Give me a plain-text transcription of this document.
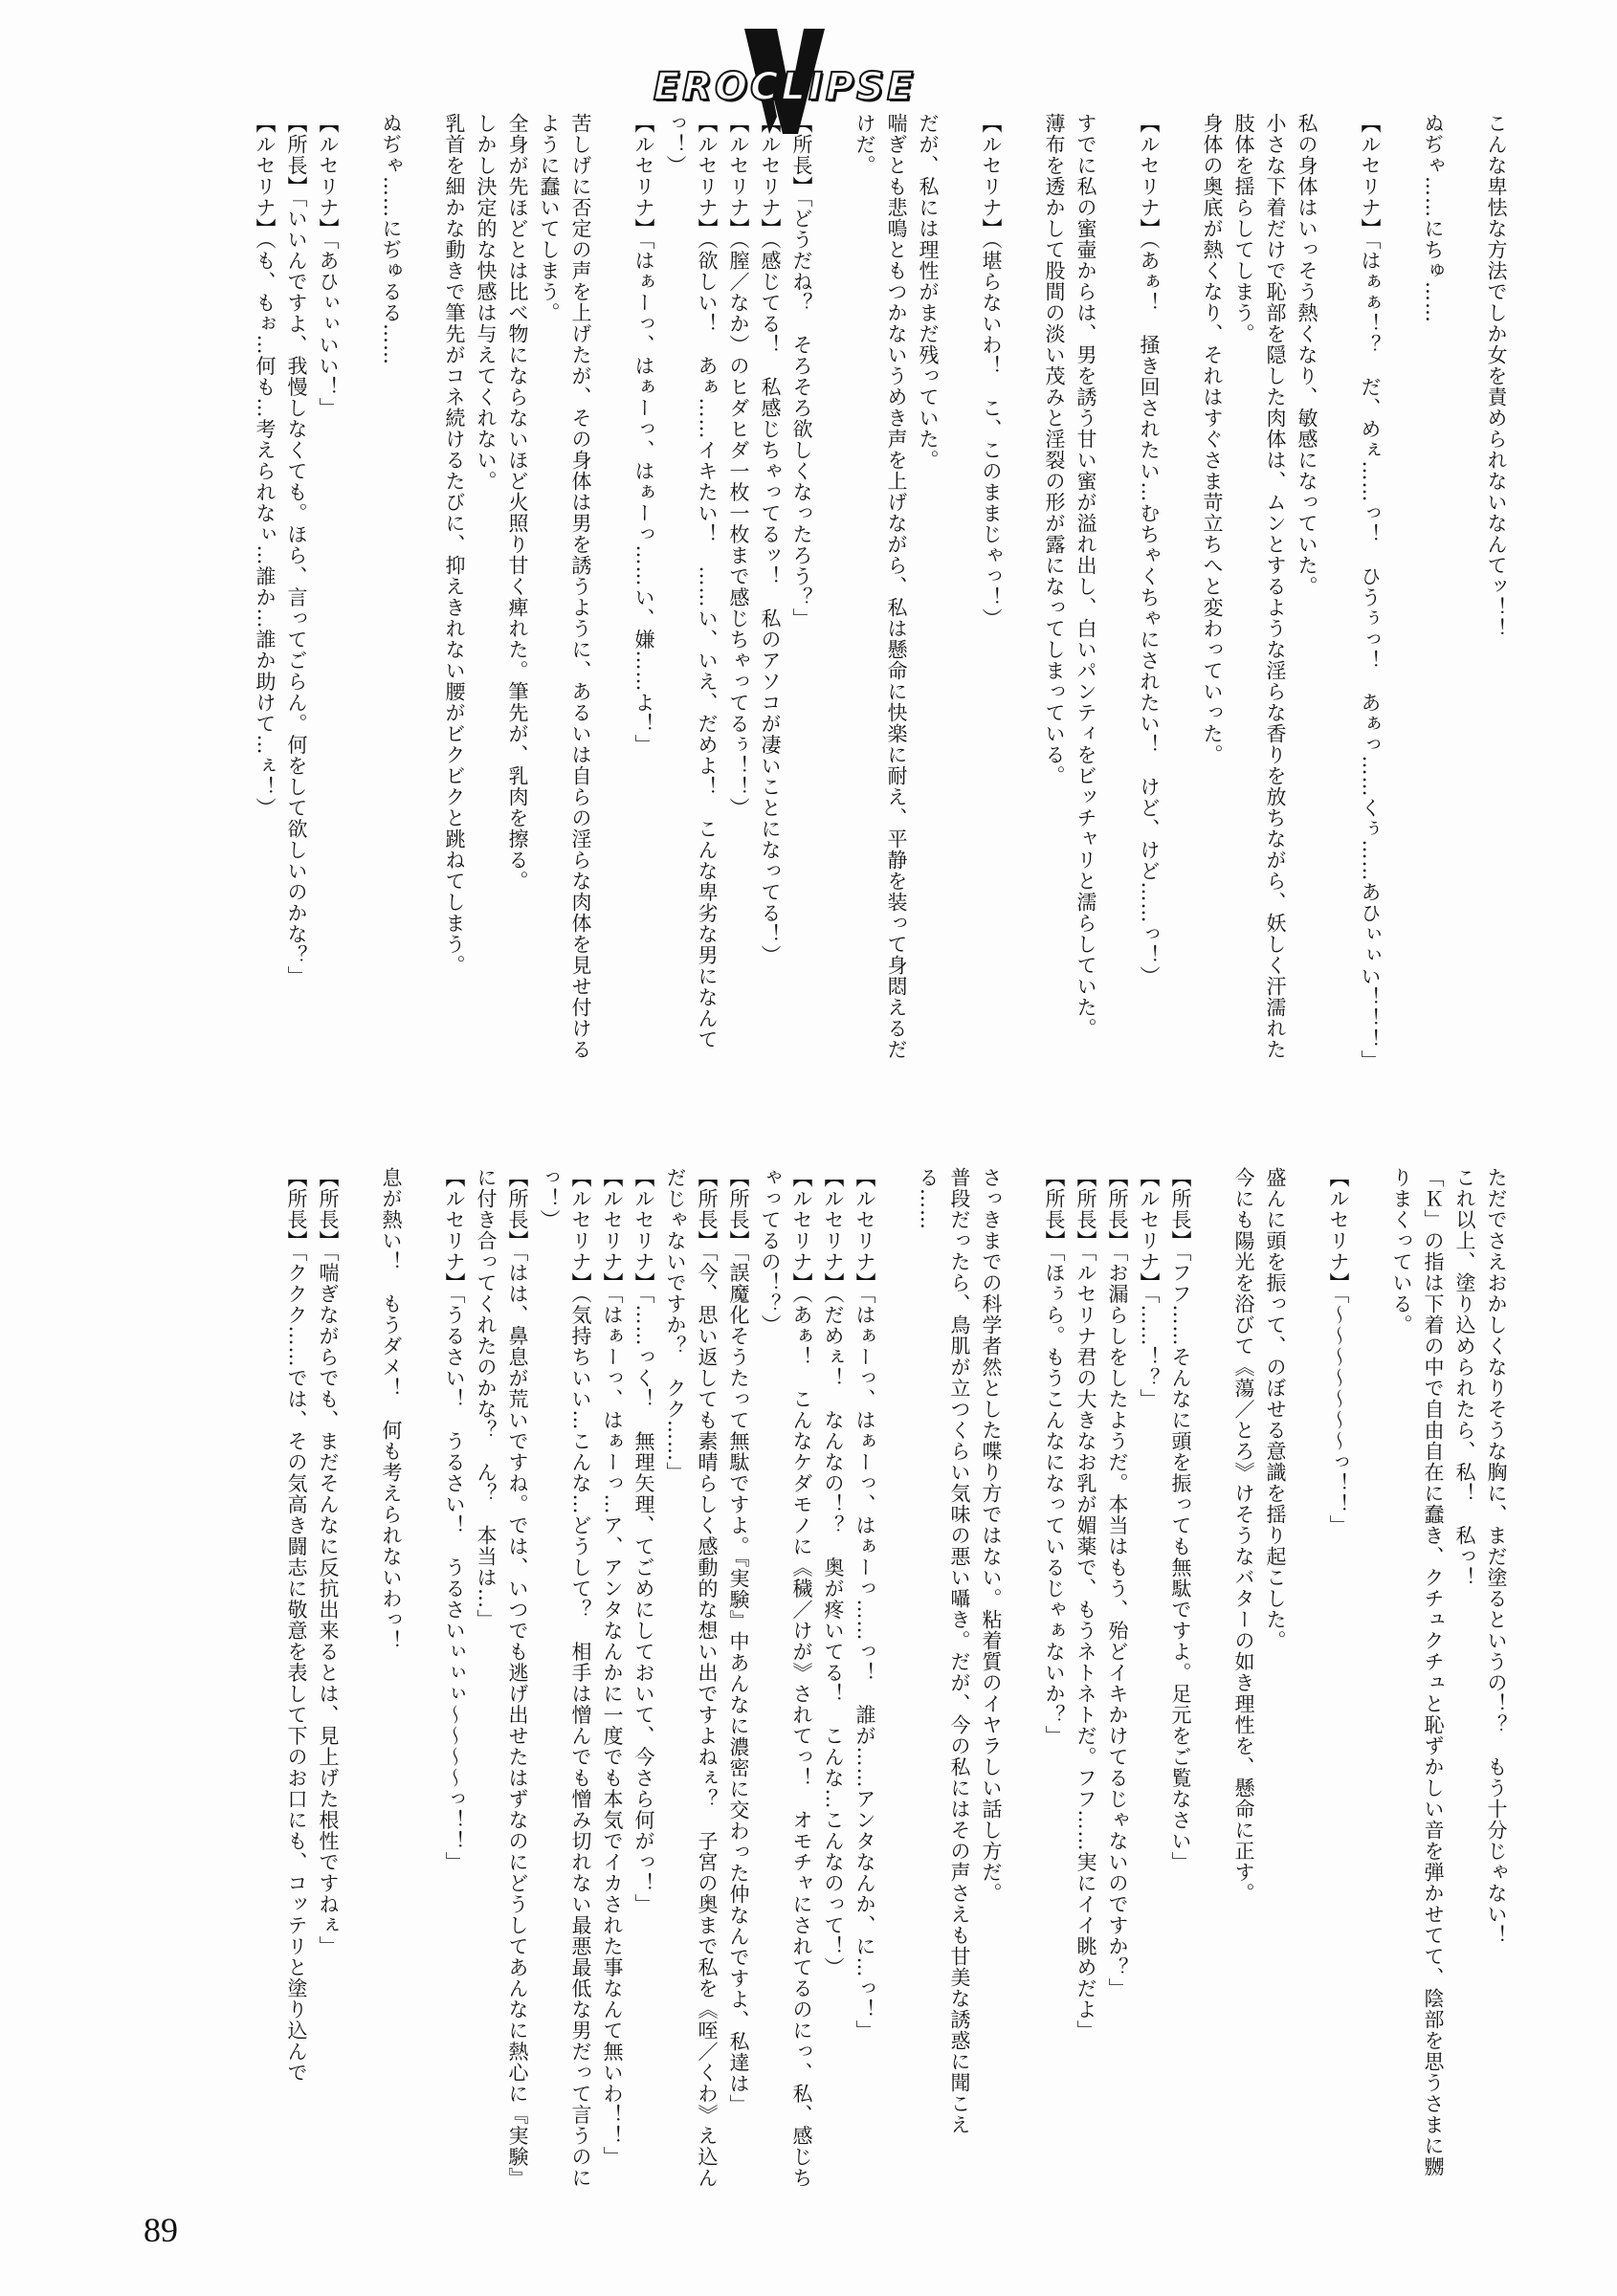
EROCLIPSE
こんな卑怯な方法でしか女を責められないなんてッ！！

ぬぢゃ……にちゅ……

【ルセリナ】「はぁぁ！？　だ、めぇ……っ！　ひうぅっ！　あぁっ……くぅ……あひぃぃい！！！」

私の身体はいっそう熱くなり、敏感になっていた。
小さな下着だけで恥部を隠した肉体は、ムンとするような淫らな香りを放ちながら、妖しく汗濡れた肢体を揺らしてしまう。
身体の奥底が熱くなり、それはすぐさま苛立ちへと変わっていった。

【ルセリナ】（あぁ！　掻き回されたい…むちゃくちゃにされたい！　けど、けど……っ！）

すでに私の蜜壷からは、男を誘う甘い蜜が溢れ出し、白いパンティをビッチャリと濡らしていた。
薄布を透かして股間の淡い茂みと淫裂の形が露になってしまっている。

【ルセリナ】（堪らないわ！　こ、このままじゃっ！）

だが、私には理性がまだ残っていた。
喘ぎとも悲鳴ともつかないうめき声を上げながら、私は懸命に快楽に耐え、平静を装って身悶えるだけだ。

【所長】「どうだね？　そろそろ欲しくなったろう？」
【ルセリナ】（感じてる！　私感じちゃってるッ！　私のアソコが凄いことになってる！）
【ルセリナ】（膣／なか）のヒダヒダ一枚一枚まで感じちゃってるぅ！！）
【ルセリナ】（欲しい！　あぁ……イキたい！　……い、いえ、だめよ！　こんな卑劣な男になんてっ！）
【ルセリナ】「はぁーっ、はぁーっ、はぁーっ……い、嫌……よ！」

苦しげに否定の声を上げたが、その身体は男を誘うように、あるいは自らの淫らな肉体を見せ付けるように蠢いてしまう。
全身が先ほどとは比べ物にならないほど火照り甘く痺れた。筆先が、乳肉を擦る。
しかし決定的な快感は与えてくれない。
乳首を細かな動きで筆先がコネ続けるたびに、抑えきれない腰がビクビクと跳ねてしまう。

ぬぢゃ……にぢゅるる……

【ルセリナ】「あひぃぃいい！」
【所長】「いいんですよ、我慢しなくても。ほら、言ってごらん。何をして欲しいのかな？」
【ルセリナ】（も、もぉ…何も…考えられなぃ…誰か…誰か助けて…ぇ！）
ただでさえおかしくなりそうな胸に、まだ塗るというの！？　もう十分じゃない！
これ以上、塗り込められたら、私！　私っ！
「Ｋ」の指は下着の中で自由自在に蠢き、クチュクチュと恥ずかしい音を弾かせてて、陰部を思うさまに嬲りまくっている。

【ルセリナ】「～～～～～～～っ！！」

盛んに頭を振って、のぼせる意識を揺り起こした。
今にも陽光を浴びて《蕩／とろ》けそうなバターの如き理性を、懸命に正す。

【所長】「フフ……そんなに頭を振っても無駄ですよ。足元をご覧なさい」
【ルセリナ】「……！？」
【所長】「お漏らしをしたようだ。本当はもう、殆どイキかけてるじゃないのですか？」
【所長】「ルセリナ君の大きなお乳が媚薬で、もうネトネトだ。フフ……実にイイ眺めだよ」
【所長】「ほぅら。もうこんなになっているじゃぁないか？」

さっきまでの科学者然とした喋り方ではない。粘着質のイヤラしい話し方だ。
普段だったら、鳥肌が立つくらい気味の悪い囁き。だが、今の私にはその声さえも甘美な誘惑に聞こえる……

【ルセリナ】「はぁーっ、はぁーっ、はぁーっ……っ！　誰が……アンタなんか、に…っ！」
【ルセリナ】（だめぇ！　なんなの！？　奥が疼いてる！　こんな…こんなのって！）
【ルセリナ】（あぁ！　こんなケダモノに《穢／けが》されてっ！　オモチャにされてるのにっ、私、感じちゃってるの！？）
【所長】「誤魔化そうたって無駄ですよ。『実験』中あんなに濃密に交わった仲なんですよ、私達は」
【所長】「今、思い返しても素晴らしく感動的な想い出ですよねぇ？　子宮の奥まで私を《咥／くわ》え込んだじゃないですか？　クク……」
【ルセリナ】「……っく！　無理矢理、てごめにしておいて、今さら何がっ！」
【ルセリナ】「はぁーっ、はぁーっ…ア、アンタなんかに一度でも本気でイカされた事なんて無いわ！！」
【ルセリナ】（気持ちいい…こんな…どうして？　相手は憎んでも憎み切れない最悪最低な男だって言うのにっ！）
【所長】「はは、鼻息が荒いですね。では、いつでも逃げ出せたはずなのにどうしてあんなに熱心に『実験』に付き合ってくれたのかな？　ん？　本当は…」
【ルセリナ】「うるさい！　うるさい！　うるさいぃぃぃ～～～～っ！！」

息が熱い！　もうダメ！　何も考えられないわっ！

【所長】「喘ぎながらでも、まだそんなに反抗出来るとは、見上げた根性ですねぇ」
【所長】「ククク……では、その気高き闘志に敬意を表して下のお口にも、コッテリと塗り込んで
89
